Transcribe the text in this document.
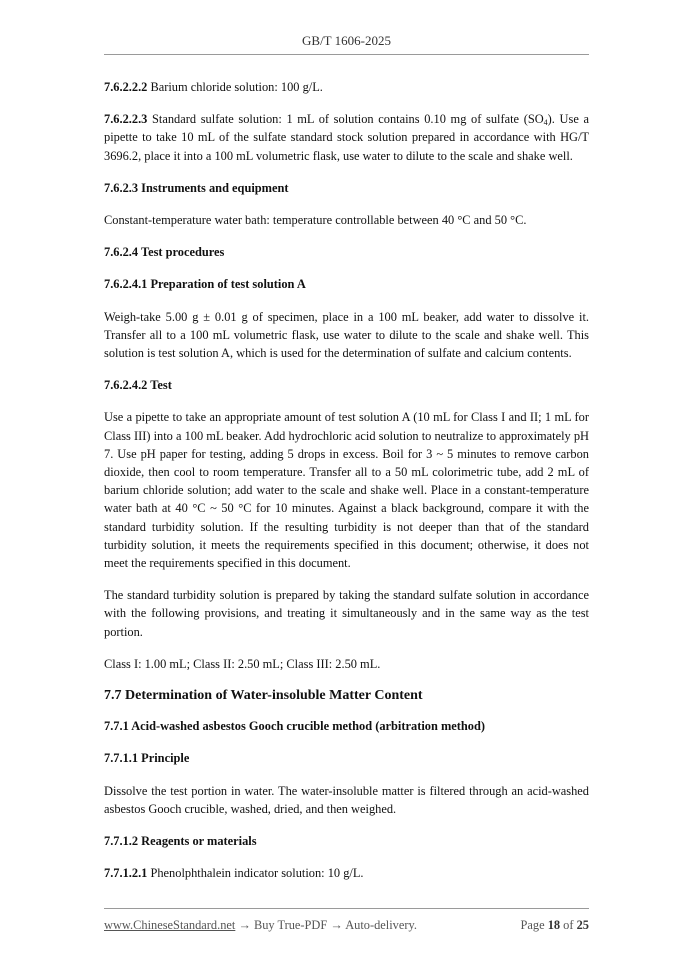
GB/T 1606-2025

7.6.2.2.2 Barium chloride solution: 100 g/L.

7.6.2.2.3 Standard sulfate solution: 1 mL of solution contains 0.10 mg of sulfate $(SO_4)$. Use a pipette to take 10 mL of the sulfate standard stock solution prepared in accordance with HG/T 3696.2, place it into a 100 mL volumetric flask, use water to dilute to the scale and shake well.

7.6.2.3 Instruments and equipment

Constant-temperature water bath: temperature controllable between 40 °C and 50 °C.

7.6.2.4 Test procedures
7.6.2.4.1 Preparation of test solution A

Weigh-take 5.00 g ± 0.01 g of specimen, place in a 100 mL beaker, add water to dissolve it. Transfer all to a 100 mL volumetric flask, use water to dilute to the scale and shake well. This solution is test solution A, which is used for the determination of sulfate and calcium contents.

7.6.2.4.2 Test

Use a pipette to take an appropriate amount of test solution A (10 mL for Class I and II; 1 mL for Class III) into a 100 mL beaker. Add hydrochloric acid solution to neutralize to approximately pH 7. Use pH paper for testing, adding 5 drops in excess. Boil for 3 ~ 5 minutes to remove carbon dioxide, then cool to room temperature. Transfer all to a 50 mL colorimetric tube, add 2 mL of barium chloride solution; add water to the scale and shake well. Place in a constant-temperature water bath at 40 °C ~ 50 °C for 10 minutes. Against a black background, compare it with the standard turbidity solution. If the resulting turbidity is not deeper than that of the standard turbidity solution, it meets the requirements specified in this document; otherwise, it does not meet the requirements specified in this document.

The standard turbidity solution is prepared by taking the standard sulfate solution in accordance with the following provisions, and treating it simultaneously and in the same way as the test portion.

Class I: 1.00 mL; Class II: 2.50 mL; Class III: 2.50 mL.

7.7 Determination of Water-insoluble Matter Content
7.7.1 Acid-washed asbestos Gooch crucible method (arbitration method)
7.7.1.1 Principle

Dissolve the test portion in water. The water-insoluble matter is filtered through an acid-washed asbestos Gooch crucible, washed, dried, and then weighed.

7.7.1.2 Reagents or materials

7.7.1.2.1 Phenolphthalein indicator solution: 10 g/L.

www.ChineseStandard.net → Buy True-PDF → Auto-delivery.	Page 18 of 25
